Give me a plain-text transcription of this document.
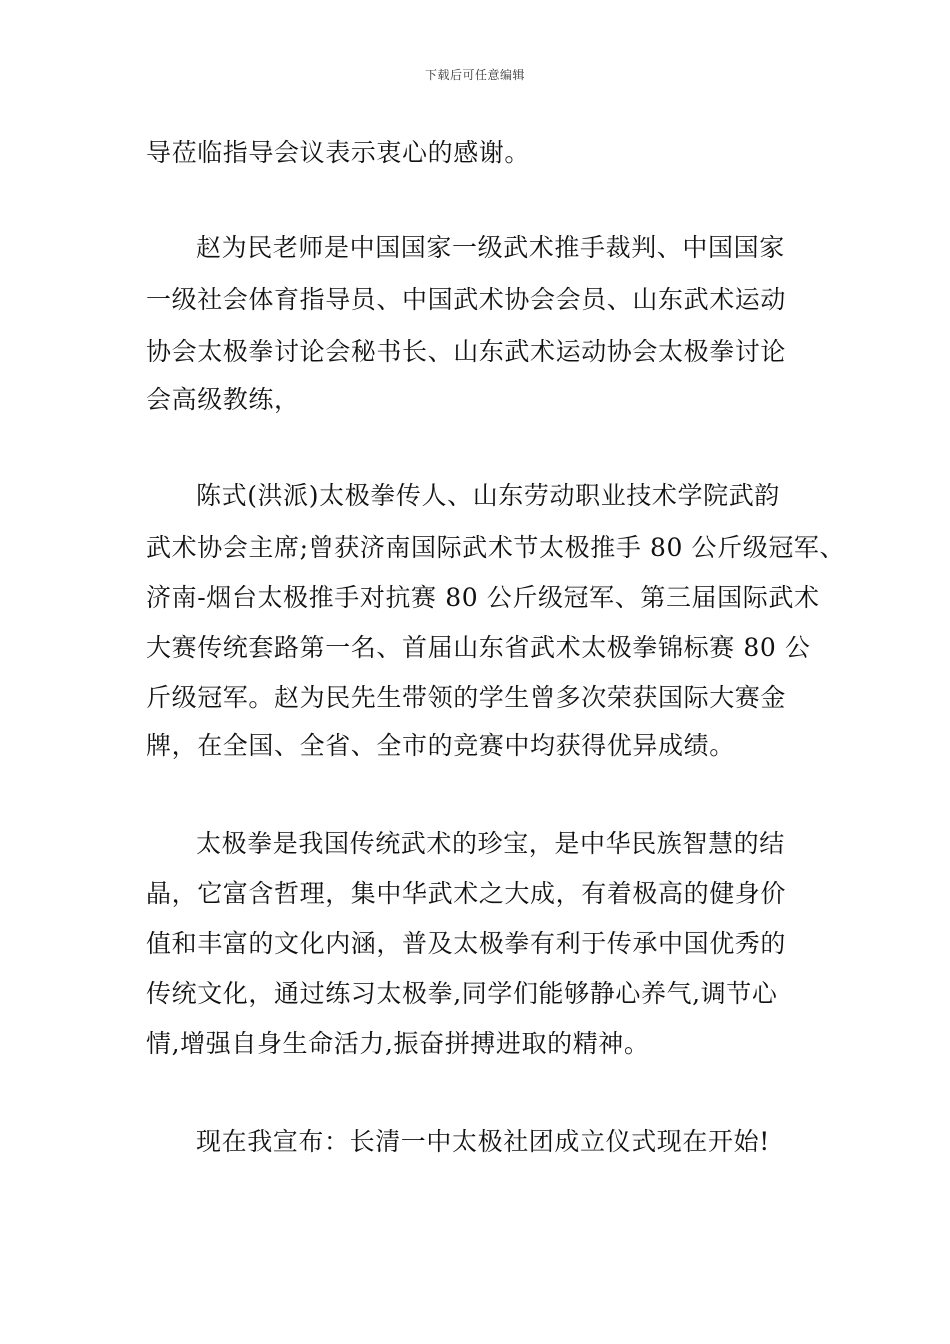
下载后可任意编辑
导莅临指导会议表示衷心的感谢。
赵为民老师是中国国家一级武术推手裁判、中国国家
一级社会体育指导员、中国武术协会会员、山东武术运动
协会太极拳讨论会秘书长、山东武术运动协会太极拳讨论
会高级教练，
陈式(洪派)太极拳传人、山东劳动职业技术学院武韵
武术协会主席;曾获济南国际武术节太极推手 80 公斤级冠军、
济南-烟台太极推手对抗赛 80 公斤级冠军、第三届国际武术
大赛传统套路第一名、首届山东省武术太极拳锦标赛 80 公
斤级冠军。赵为民先生带领的学生曾多次荣获国际大赛金
牌，在全国、全省、全市的竞赛中均获得优异成绩。
太极拳是我国传统武术的珍宝，是中华民族智慧的结
晶，它富含哲理，集中华武术之大成，有着极高的健身价
值和丰富的文化内涵，普及太极拳有利于传承中国优秀的
传统文化，通过练习太极拳,同学们能够静心养气,调节心
情,增强自身生命活力,振奋拼搏进取的精神。
现在我宣布：长清一中太极社团成立仪式现在开始!
